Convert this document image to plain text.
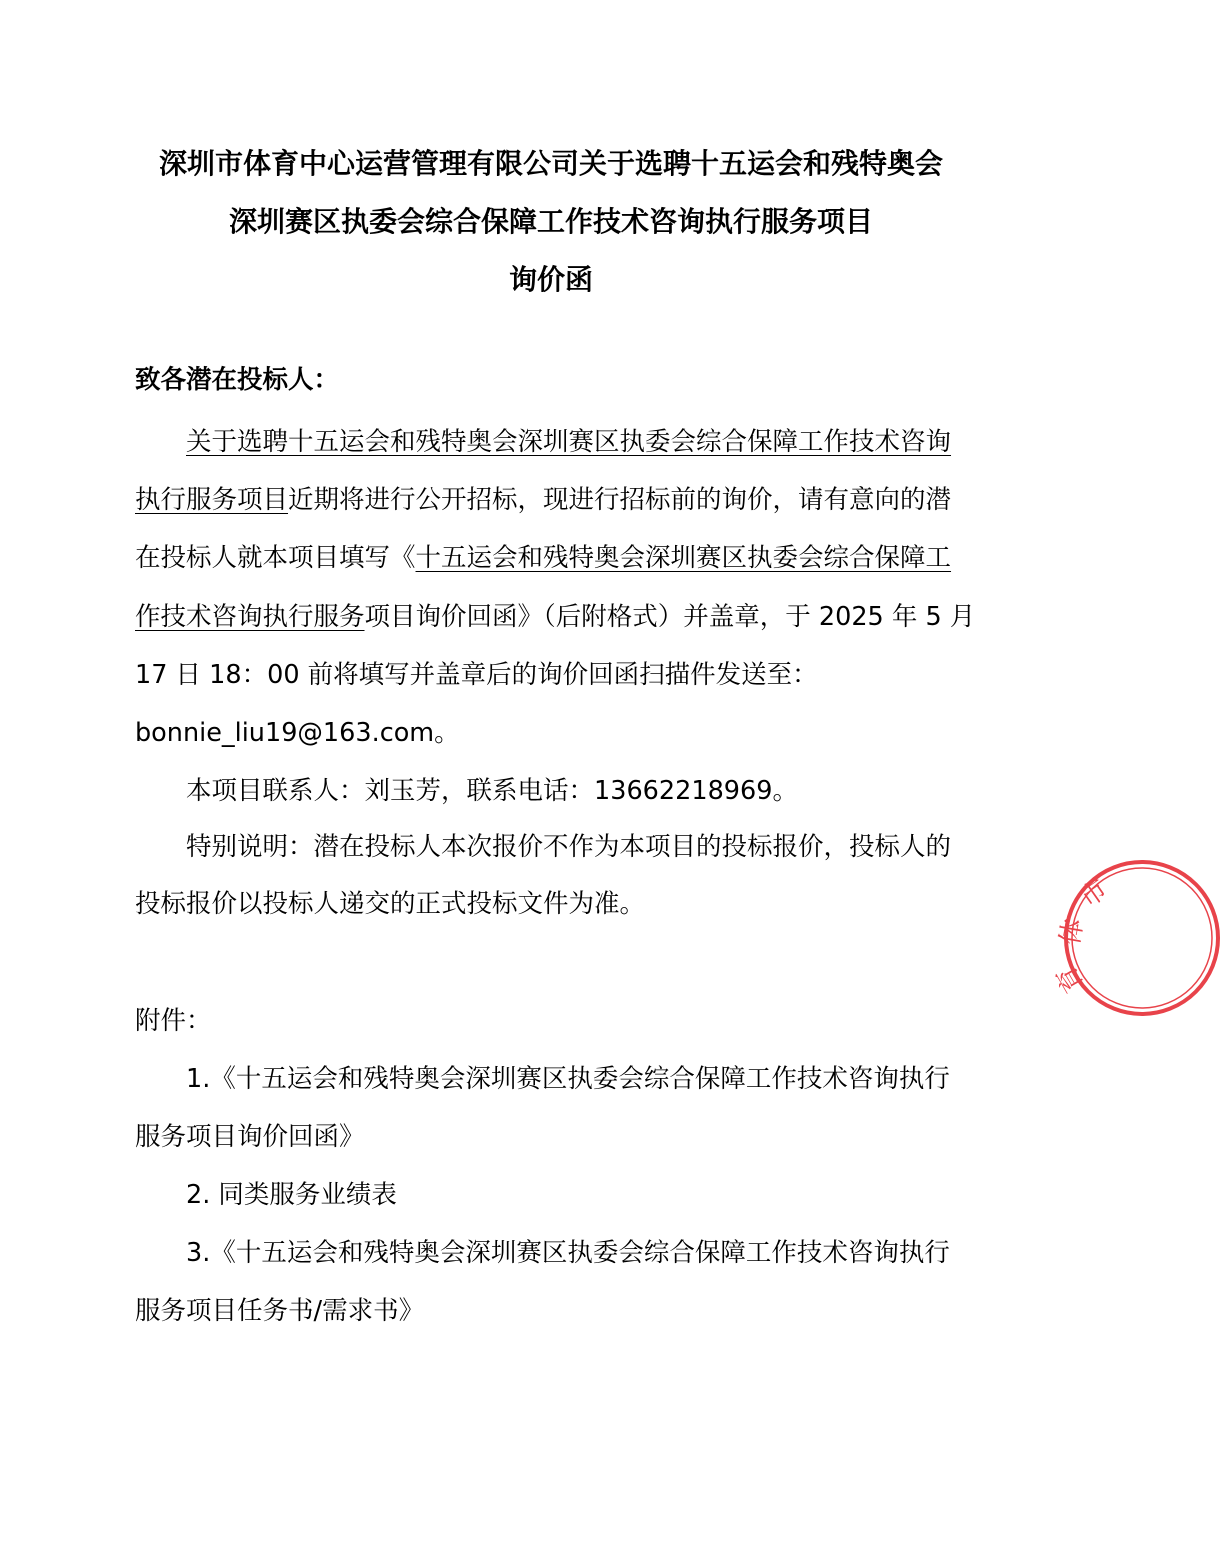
深圳市体育中心运营管理有限公司关于选聘十五运会和残特奥会
深圳赛区执委会综合保障工作技术咨询执行服务项目
询价函
致各潜在投标人：
关于选聘十五运会和残特奥会深圳赛区执委会综合保障工作技术咨询
执行服务项目近期将进行公开招标，现进行招标前的询价，请有意向的潜
在投标人就本项目填写《十五运会和残特奥会深圳赛区执委会综合保障工
作技术咨询执行服务项目询价回函》（后附格式）并盖章，于 2025 年 5 月
17 日 18：00 前将填写并盖章后的询价回函扫描件发送至：
bonnie_liu19@163.com。
本项目联系人：刘玉芳，联系电话：13662218969。
特别说明：潜在投标人本次报价不作为本项目的投标报价，投标人的
投标报价以投标人递交的正式投标文件为准。
附件：
1.《十五运会和残特奥会深圳赛区执委会综合保障工作技术咨询执行
服务项目询价回函》
2. 同类服务业绩表
3.《十五运会和残特奥会深圳赛区执委会综合保障工作技术咨询执行
服务项目任务书/需求书》
市
体
育
